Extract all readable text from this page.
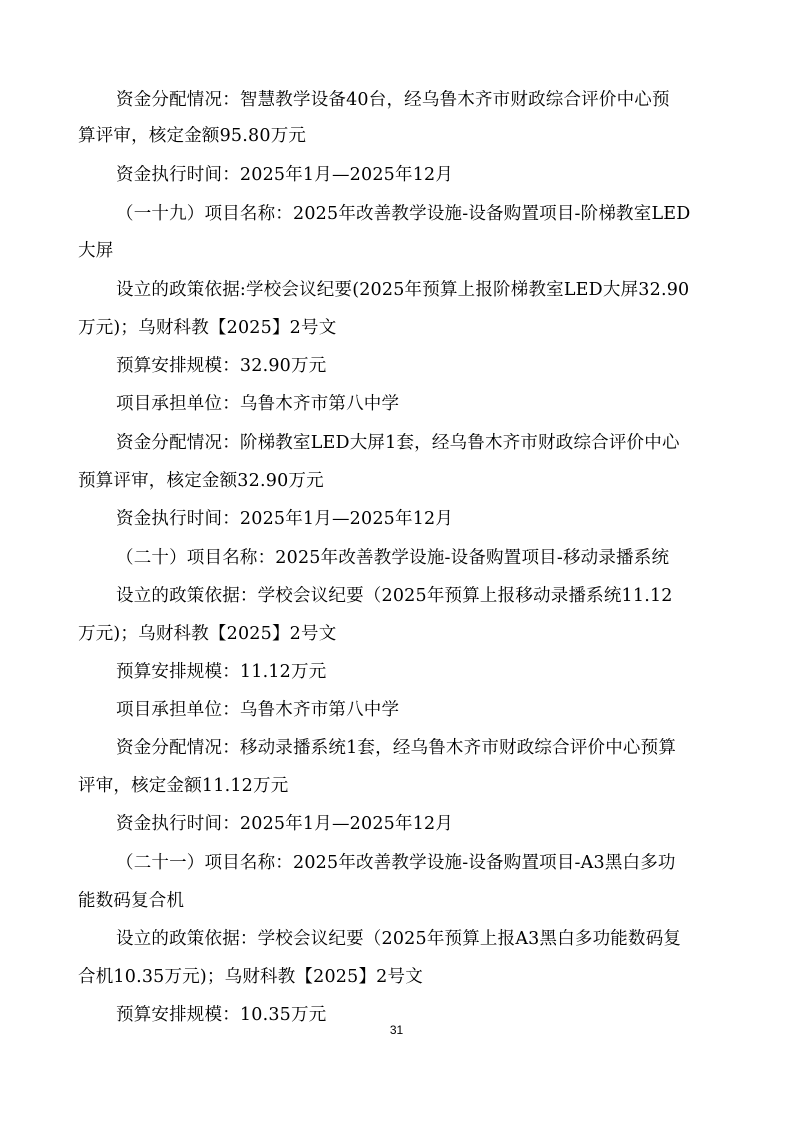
资金分配情况：智慧教学设备40台，经乌鲁木齐市财政综合评价中心预
算评审，核定金额95.80万元
资金执行时间：2025年1月—2025年12月
（一十九）项目名称：2025年改善教学设施-设备购置项目-阶梯教室LED
大屏
设立的政策依据:学校会议纪要(2025年预算上报阶梯教室LED大屏32.90
万元)；乌财科教【2025】2号文
预算安排规模：32.90万元
项目承担单位：乌鲁木齐市第八中学
资金分配情况：阶梯教室LED大屏1套，经乌鲁木齐市财政综合评价中心
预算评审，核定金额32.90万元
资金执行时间：2025年1月—2025年12月
（二十）项目名称：2025年改善教学设施-设备购置项目-移动录播系统
设立的政策依据：学校会议纪要（2025年预算上报移动录播系统11.12
万元)；乌财科教【2025】2号文
预算安排规模：11.12万元
项目承担单位：乌鲁木齐市第八中学
资金分配情况：移动录播系统1套，经乌鲁木齐市财政综合评价中心预算
评审，核定金额11.12万元
资金执行时间：2025年1月—2025年12月
（二十一）项目名称：2025年改善教学设施-设备购置项目-A3黑白多功
能数码复合机
设立的政策依据：学校会议纪要（2025年预算上报A3黑白多功能数码复
合机10.35万元)；乌财科教【2025】2号文
预算安排规模：10.35万元
31
